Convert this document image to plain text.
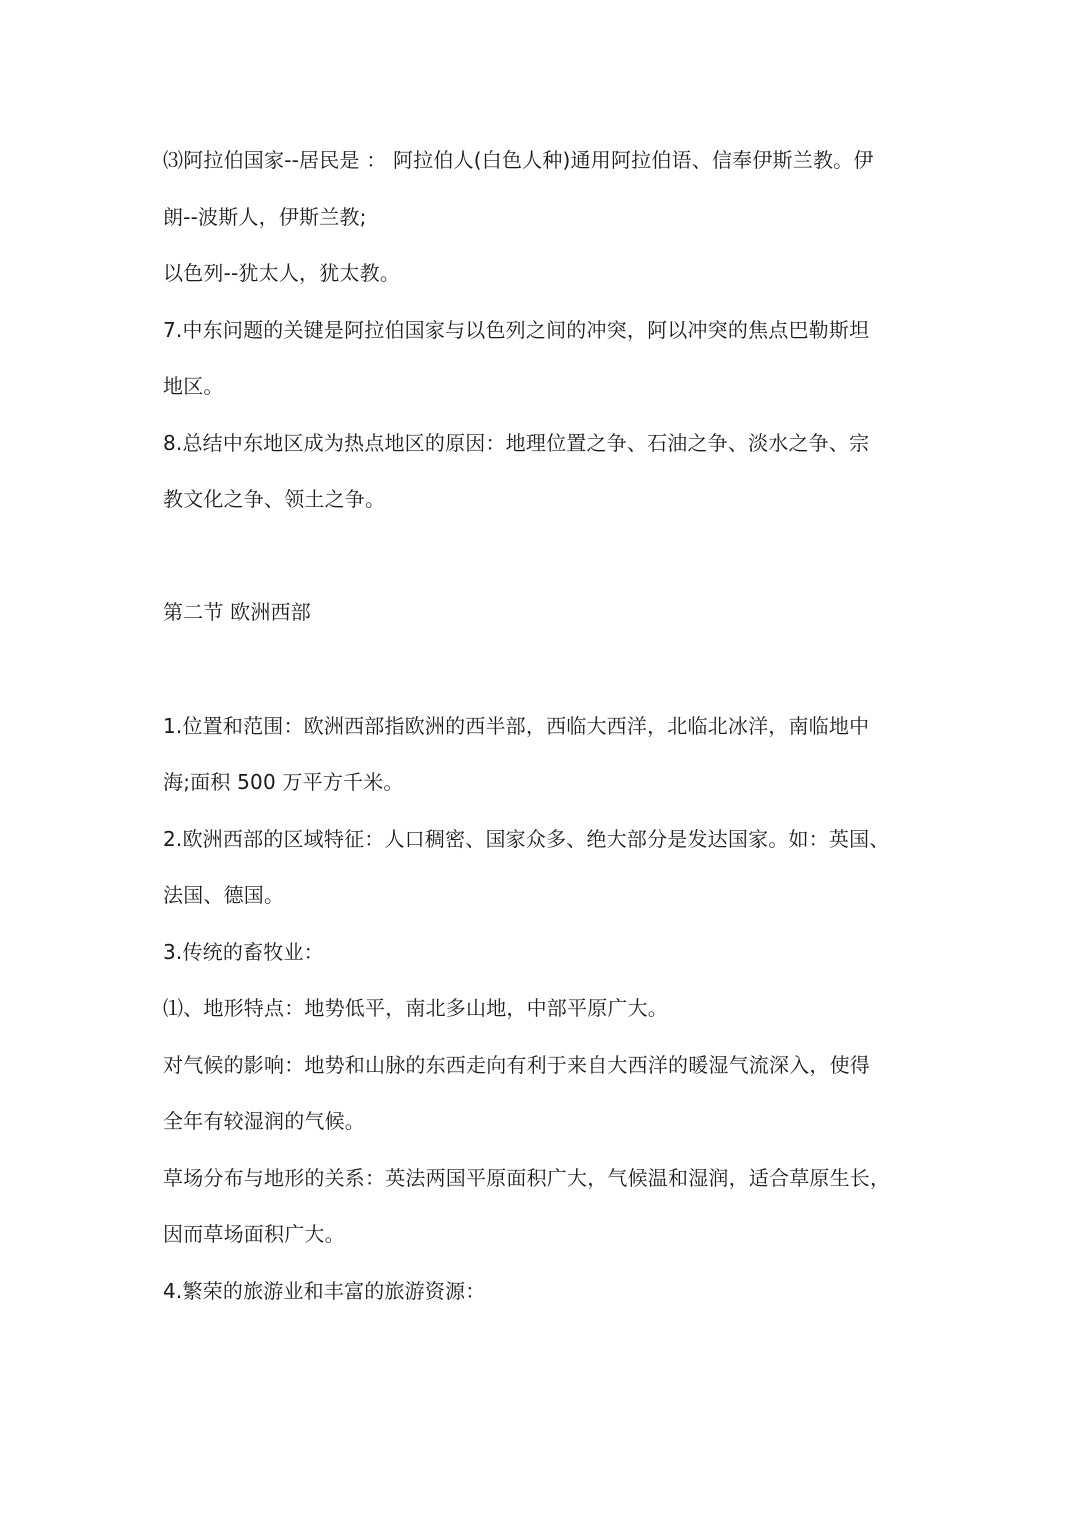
⑶阿拉伯国家--居民是 ： 阿拉伯人(白色人种)通用阿拉伯语、信奉伊斯兰教。伊
朗--波斯人，伊斯兰教;
以色列--犹太人，犹太教。
7.中东问题的关键是阿拉伯国家与以色列之间的冲突，阿以冲突的焦点巴勒斯坦
地区。
8.总结中东地区成为热点地区的原因：地理位置之争、石油之争、淡水之争、宗
教文化之争、领土之争。
第二节 欧洲西部
1.位置和范围：欧洲西部指欧洲的西半部，西临大西洋，北临北冰洋，南临地中
海;面积 500 万平方千米。
2.欧洲西部的区域特征：人口稠密、国家众多、绝大部分是发达国家。如：英国、
法国、德国。
3.传统的畜牧业：
⑴、地形特点：地势低平，南北多山地，中部平原广大。
对气候的影响：地势和山脉的东西走向有利于来自大西洋的暖湿气流深入，使得
全年有较湿润的气候。
草场分布与地形的关系：英法两国平原面积广大，气候温和湿润，适合草原生长，
因而草场面积广大。
4.繁荣的旅游业和丰富的旅游资源：
